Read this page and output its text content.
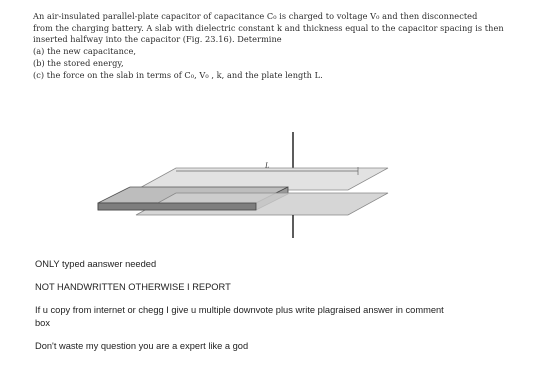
An air-insulated parallel-plate capacitor of capacitance C₀ is charged to voltage V₀ and then disconnected

from the charging battery. A slab with dielectric constant k and thickness equal to the capacitor spacing is then

inserted halfway into the capacitor (Fig. 23.16). Determine

(a) the new capacitance,

(b) the stored energy,

(c) the force on the slab in terms of C₀, V₀ , k, and the plate length L.

L

ONLY typed aanswer needed

NOT HANDWRITTEN OTHERWISE I REPORT

If u copy from internet or chegg I give u multiple downvote plus write plagraised answer in comment

box

Don't waste my question you are a expert like a god
